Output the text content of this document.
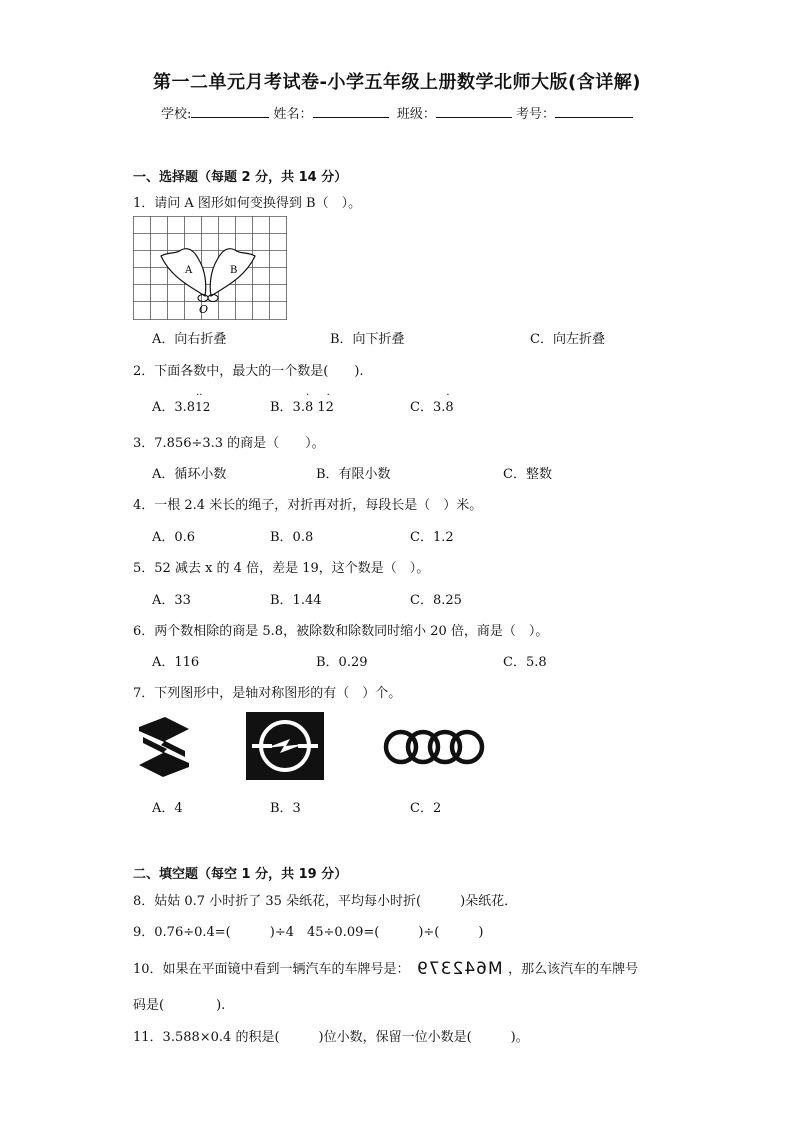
第一二单元月考试卷-小学五年级上册数学北师大版(含详解)
学校:	姓名：	班级：	考号：
一、选择题（每题 2 分，共 14 分）
1．请问 A 图形如何变换得到 B（　）。
A	B
O
A．向右折叠	B．向下折叠	C．向左折叠
2．下面各数中，最大的一个数是(　　).
A．3.8
··
12	B．3.
·
8 1
·
2	C．3.
·
8
3．7.856÷3.3 的商是（　　）。
A．循环小数	B．有限小数	C．整数
4．一根 2.4 米长的绳子，对折再对折，每段长是（　）米。
A．0.6	B．0.8	C．1.2
5．52 减去 x 的 4 倍，差是 19，这个数是（　）。
A．33	B．1.44	C．8.25
6．两个数相除的商是 5.8，被除数和除数同时缩小 20 倍，商是（　）。
A．116	B．0.29	C．5.8
7．下列图形中，是轴对称图形的有（　）个。
A．4	B．3	C．2
二、填空题（每空 1 分，共 19 分）
8．姑姑 0.7 小时折了 35 朵纸花，平均每小时折(　　　)朵纸花．
9．0.76÷0.4=(　　　)÷4　45÷0.09=(　　　)÷(　　　)
10．如果在平面镜中看到一辆汽车的车牌号是： M642379 ，那么该汽车的车牌号
码是(　　　　).
11．3.588×0.4 的积是(　　　)位小数，保留一位小数是(　　　)。
